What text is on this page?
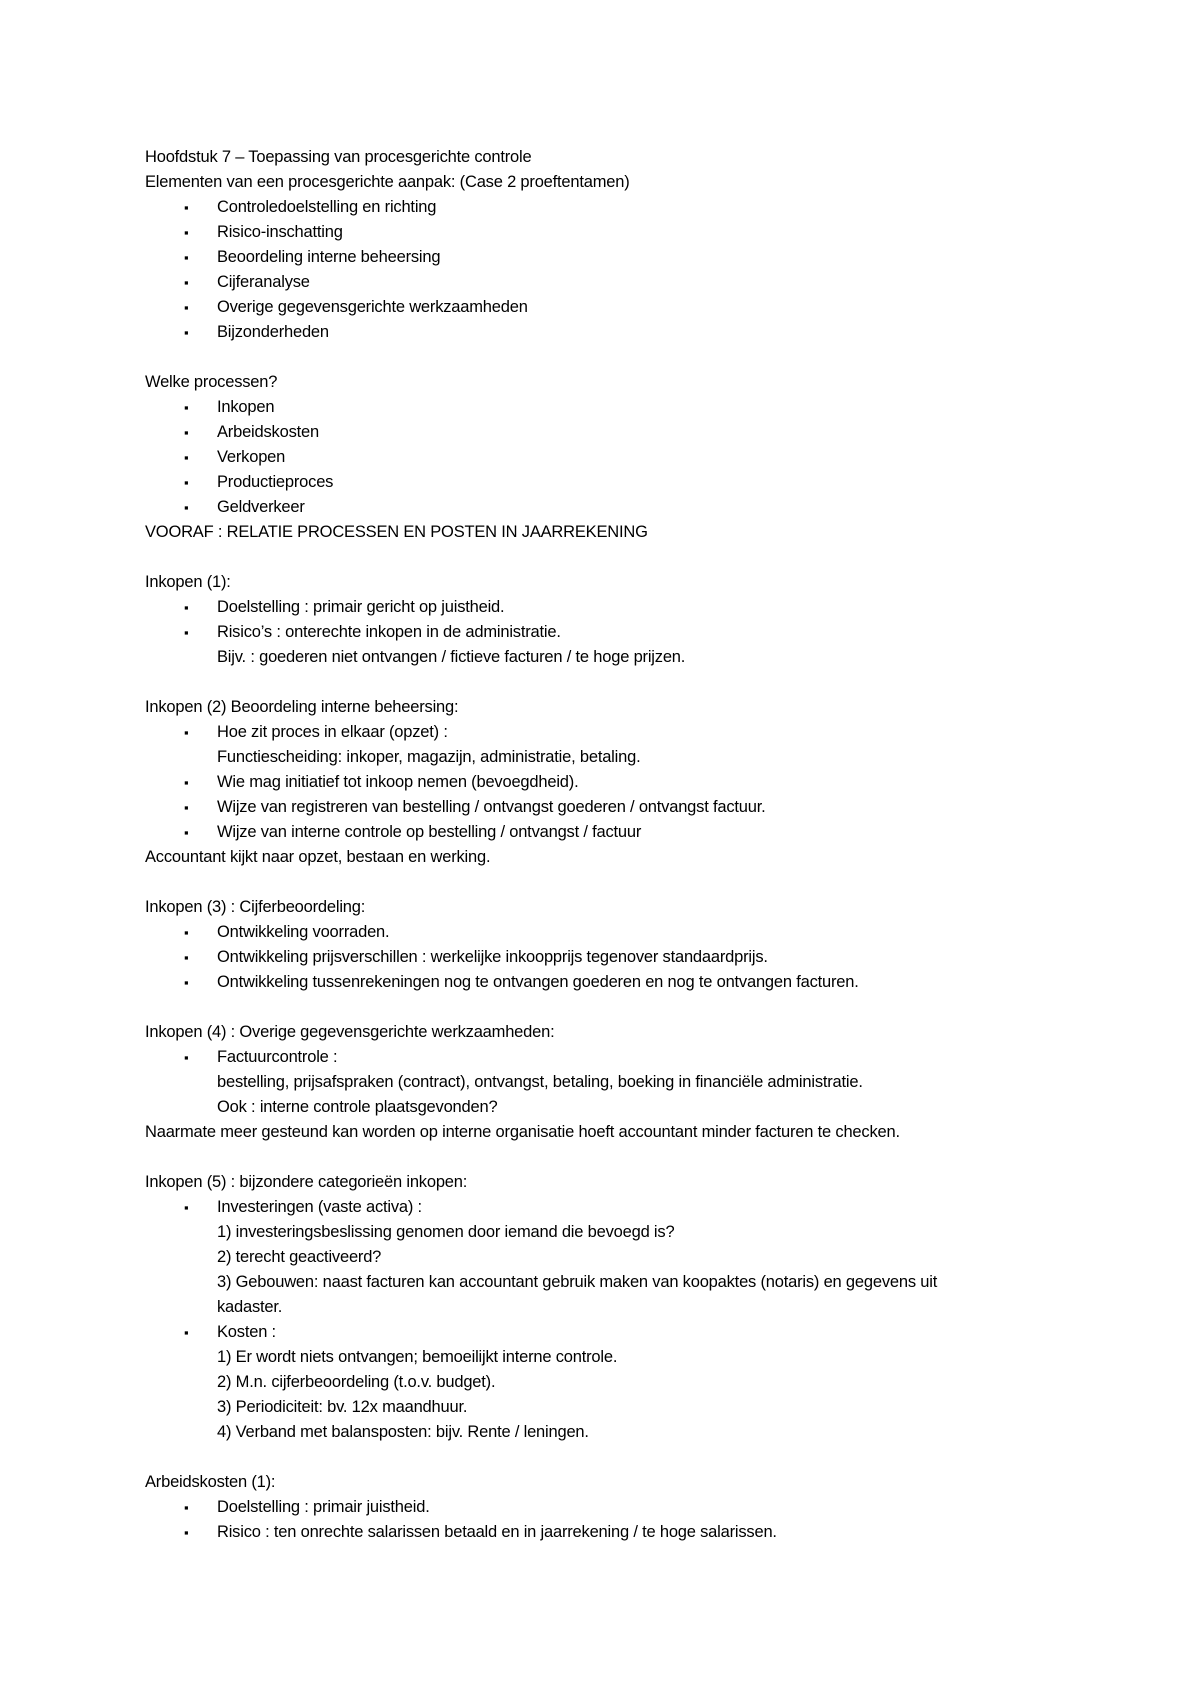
Hoofdstuk 7 – Toepassing van procesgerichte controle
Elementen van een procesgerichte aanpak: (Case 2 proeftentamen)
▪ Controledoelstelling en richting
▪ Risico-inschatting
▪ Beoordeling interne beheersing
▪ Cijferanalyse
▪ Overige gegevensgerichte werkzaamheden
▪ Bijzonderheden
Welke processen?
▪ Inkopen
▪ Arbeidskosten
▪ Verkopen
▪ Productieproces
▪ Geldverkeer
VOORAF : RELATIE PROCESSEN EN POSTEN IN JAARREKENING
Inkopen (1):
▪ Doelstelling : primair gericht op juistheid.
▪ Risico’s : onterechte inkopen in de administratie.
Bijv. : goederen niet ontvangen / fictieve facturen / te hoge prijzen.
Inkopen (2) Beoordeling interne beheersing:
▪ Hoe zit proces in elkaar (opzet) :
Functiescheiding: inkoper, magazijn, administratie, betaling.
▪ Wie mag initiatief tot inkoop nemen (bevoegdheid).
▪ Wijze van registreren van bestelling / ontvangst goederen / ontvangst factuur.
▪ Wijze van interne controle op bestelling / ontvangst / factuur
Accountant kijkt naar opzet, bestaan en werking.
Inkopen (3) : Cijferbeoordeling:
▪ Ontwikkeling voorraden.
▪ Ontwikkeling prijsverschillen : werkelijke inkoopprijs tegenover standaardprijs.
▪ Ontwikkeling tussenrekeningen nog te ontvangen goederen en nog te ontvangen facturen.
Inkopen (4) : Overige gegevensgerichte werkzaamheden:
▪ Factuurcontrole :
bestelling, prijsafspraken (contract), ontvangst, betaling, boeking in financiële administratie.
Ook : interne controle plaatsgevonden?
Naarmate meer gesteund kan worden op interne organisatie hoeft accountant minder facturen te checken.
Inkopen (5) : bijzondere categorieën inkopen:
▪ Investeringen (vaste activa) :
1) investeringsbeslissing genomen door iemand die bevoegd is?
2) terecht geactiveerd?
3) Gebouwen: naast facturen kan accountant gebruik maken van koopaktes (notaris) en gegevens uit
kadaster.
▪ Kosten :
1) Er wordt niets ontvangen; bemoeilijkt interne controle.
2) M.n. cijferbeoordeling (t.o.v. budget).
3) Periodiciteit: bv. 12x maandhuur.
4) Verband met balansposten: bijv. Rente / leningen.
Arbeidskosten (1):
▪ Doelstelling : primair juistheid.
▪ Risico : ten onrechte salarissen betaald en in jaarrekening / te hoge salarissen.
